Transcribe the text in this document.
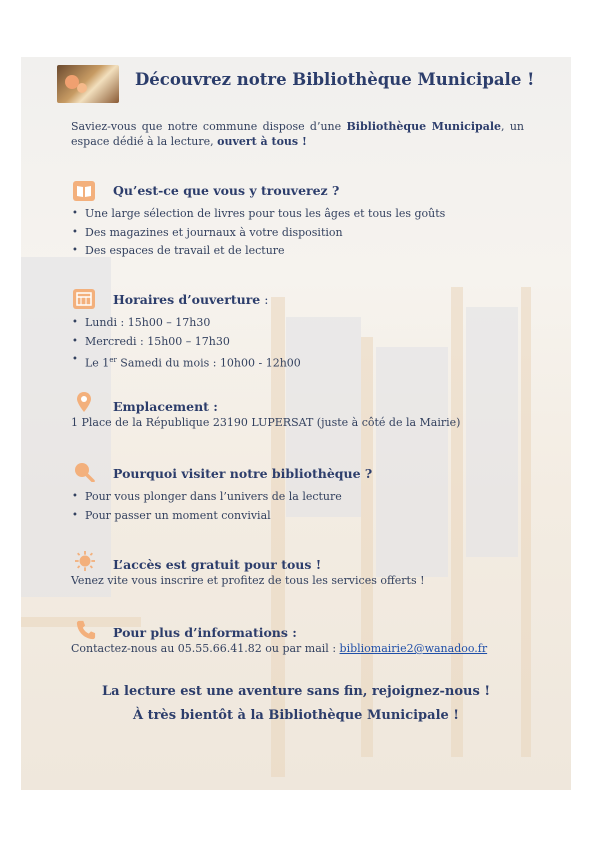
Découvrez notre Bibliothèque Municipale !

Saviez-vous que notre commune dispose d’une Bibliothèque Municipale, un espace dédié à la lecture, ouvert à tous !

Qu’est-ce que vous y trouverez ?

• Une large sélection de livres pour tous les âges et tous les goûts
• Des magazines et journaux à votre disposition
• Des espaces de travail et de lecture

Horaires d’ouverture :

• Lundi : 15h00 – 17h30
• Mercredi : 15h00 – 17h30
• Le 1er Samedi du mois : 10h00 - 12h00

Emplacement :

1 Place de la République 23190 LUPERSAT (juste à côté de la Mairie)

Pourquoi visiter notre bibliothèque ?

• Pour vous plonger dans l’univers de la lecture
• Pour passer un moment convivial

L’accès est gratuit pour tous !

Venez vite vous inscrire et profitez de tous les services offerts !

Pour plus d’informations :

Contactez-nous au 05.55.66.41.82 ou par mail : bibliomairie2@wanadoo.fr

La lecture est une aventure sans fin, rejoignez-nous !

À très bientôt à la Bibliothèque Municipale !
